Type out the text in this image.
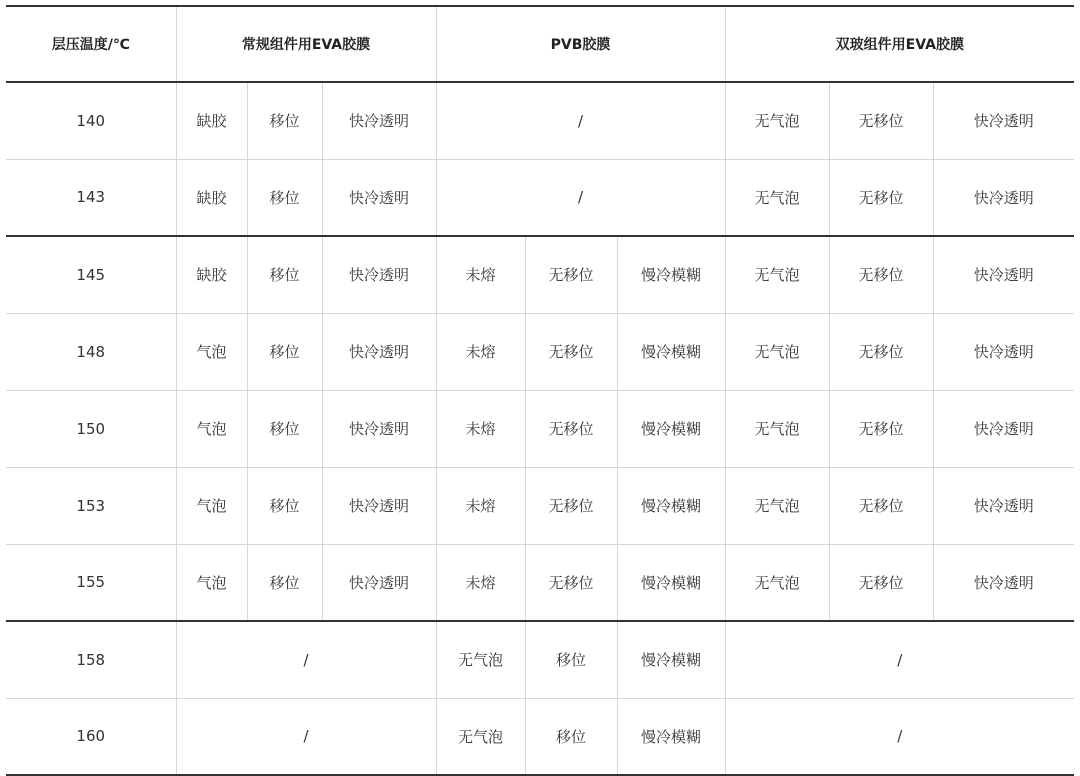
层压温度/℃	常规组件用EVA胶膜			PVB胶膜			双玻组件用EVA胶膜		
140	缺胶	移位	快冷透明	/			无气泡	无移位	快冷透明
143	缺胶	移位	快冷透明	/			无气泡	无移位	快冷透明
145	缺胶	移位	快冷透明	未熔	无移位	慢冷模糊	无气泡	无移位	快冷透明
148	气泡	移位	快冷透明	未熔	无移位	慢冷模糊	无气泡	无移位	快冷透明
150	气泡	移位	快冷透明	未熔	无移位	慢冷模糊	无气泡	无移位	快冷透明
153	气泡	移位	快冷透明	未熔	无移位	慢冷模糊	无气泡	无移位	快冷透明
155	气泡	移位	快冷透明	未熔	无移位	慢冷模糊	无气泡	无移位	快冷透明
158	/			无气泡	移位	慢冷模糊	/		
160	/			无气泡	移位	慢冷模糊	/		
